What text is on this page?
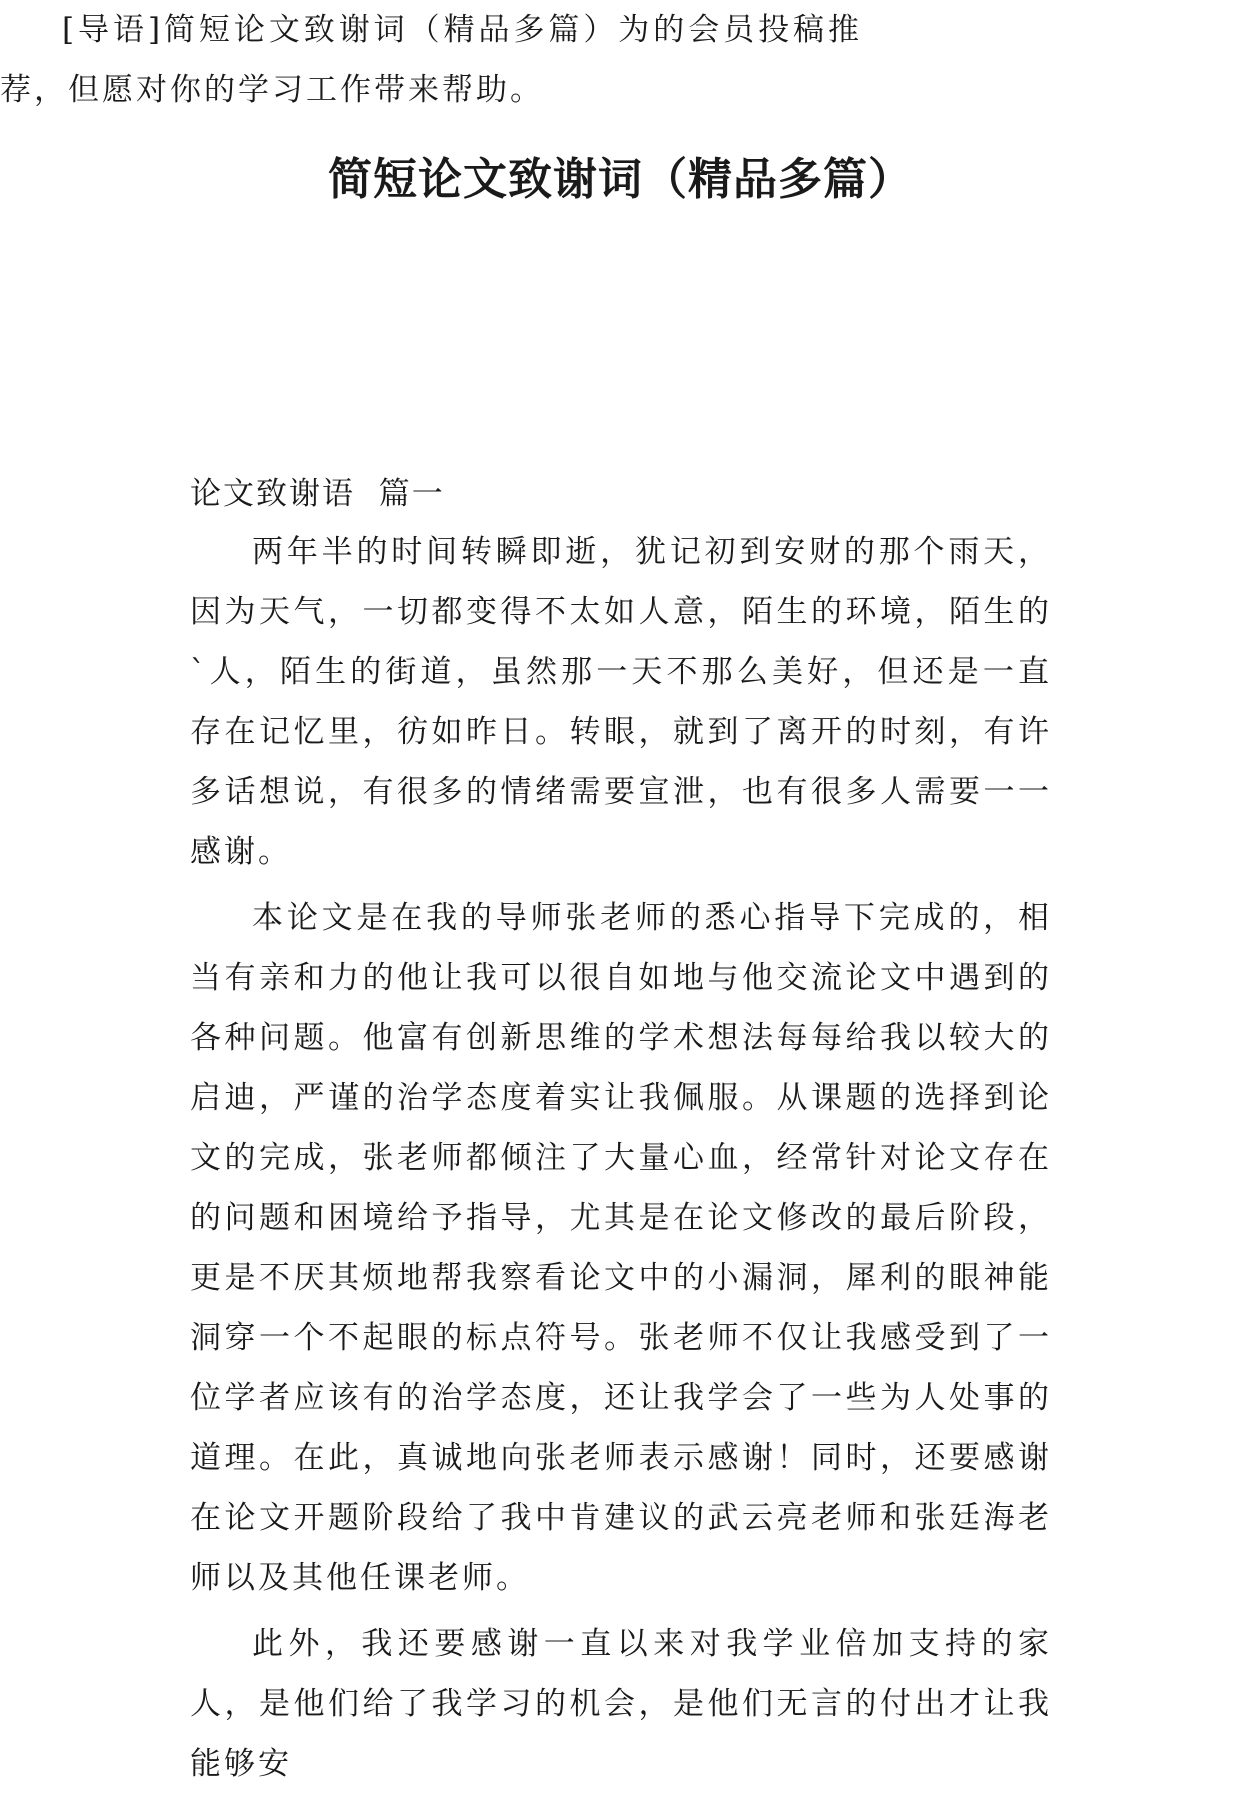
简短论文致谢词（精品多篇）

[导语]简短论文致谢词（精品多篇）为的会员投稿推荐，但愿对你的学习工作带来帮助。

论文致谢语  篇一

两年半的时间转瞬即逝，犹记初到安财的那个雨天，因为天气，一切都变得不太如人意，陌生的环境，陌生的`人，陌生的街道，虽然那一天不那么美好，但还是一直存在记忆里，彷如昨日。转眼，就到了离开的时刻，有许多话想说，有很多的情绪需要宣泄，也有很多人需要一一感谢。

本论文是在我的导师张老师的悉心指导下完成的，相当有亲和力的他让我可以很自如地与他交流论文中遇到的各种问题。他富有创新思维的学术想法每每给我以较大的启迪，严谨的治学态度着实让我佩服。从课题的选择到论文的完成，张老师都倾注了大量心血，经常针对论文存在的问题和困境给予指导，尤其是在论文修改的最后阶段，更是不厌其烦地帮我察看论文中的小漏洞，犀利的眼神能洞穿一个不起眼的标点符号。张老师不仅让我感受到了一位学者应该有的治学态度，还让我学会了一些为人处事的道理。在此，真诚地向张老师表示感谢！同时，还要感谢在论文开题阶段给了我中肯建议的武云亮老师和张廷海老师以及其他任课老师。

此外，我还要感谢一直以来对我学业倍加支持的家人，是他们给了我学习的机会，是他们无言的付出才让我能够安
